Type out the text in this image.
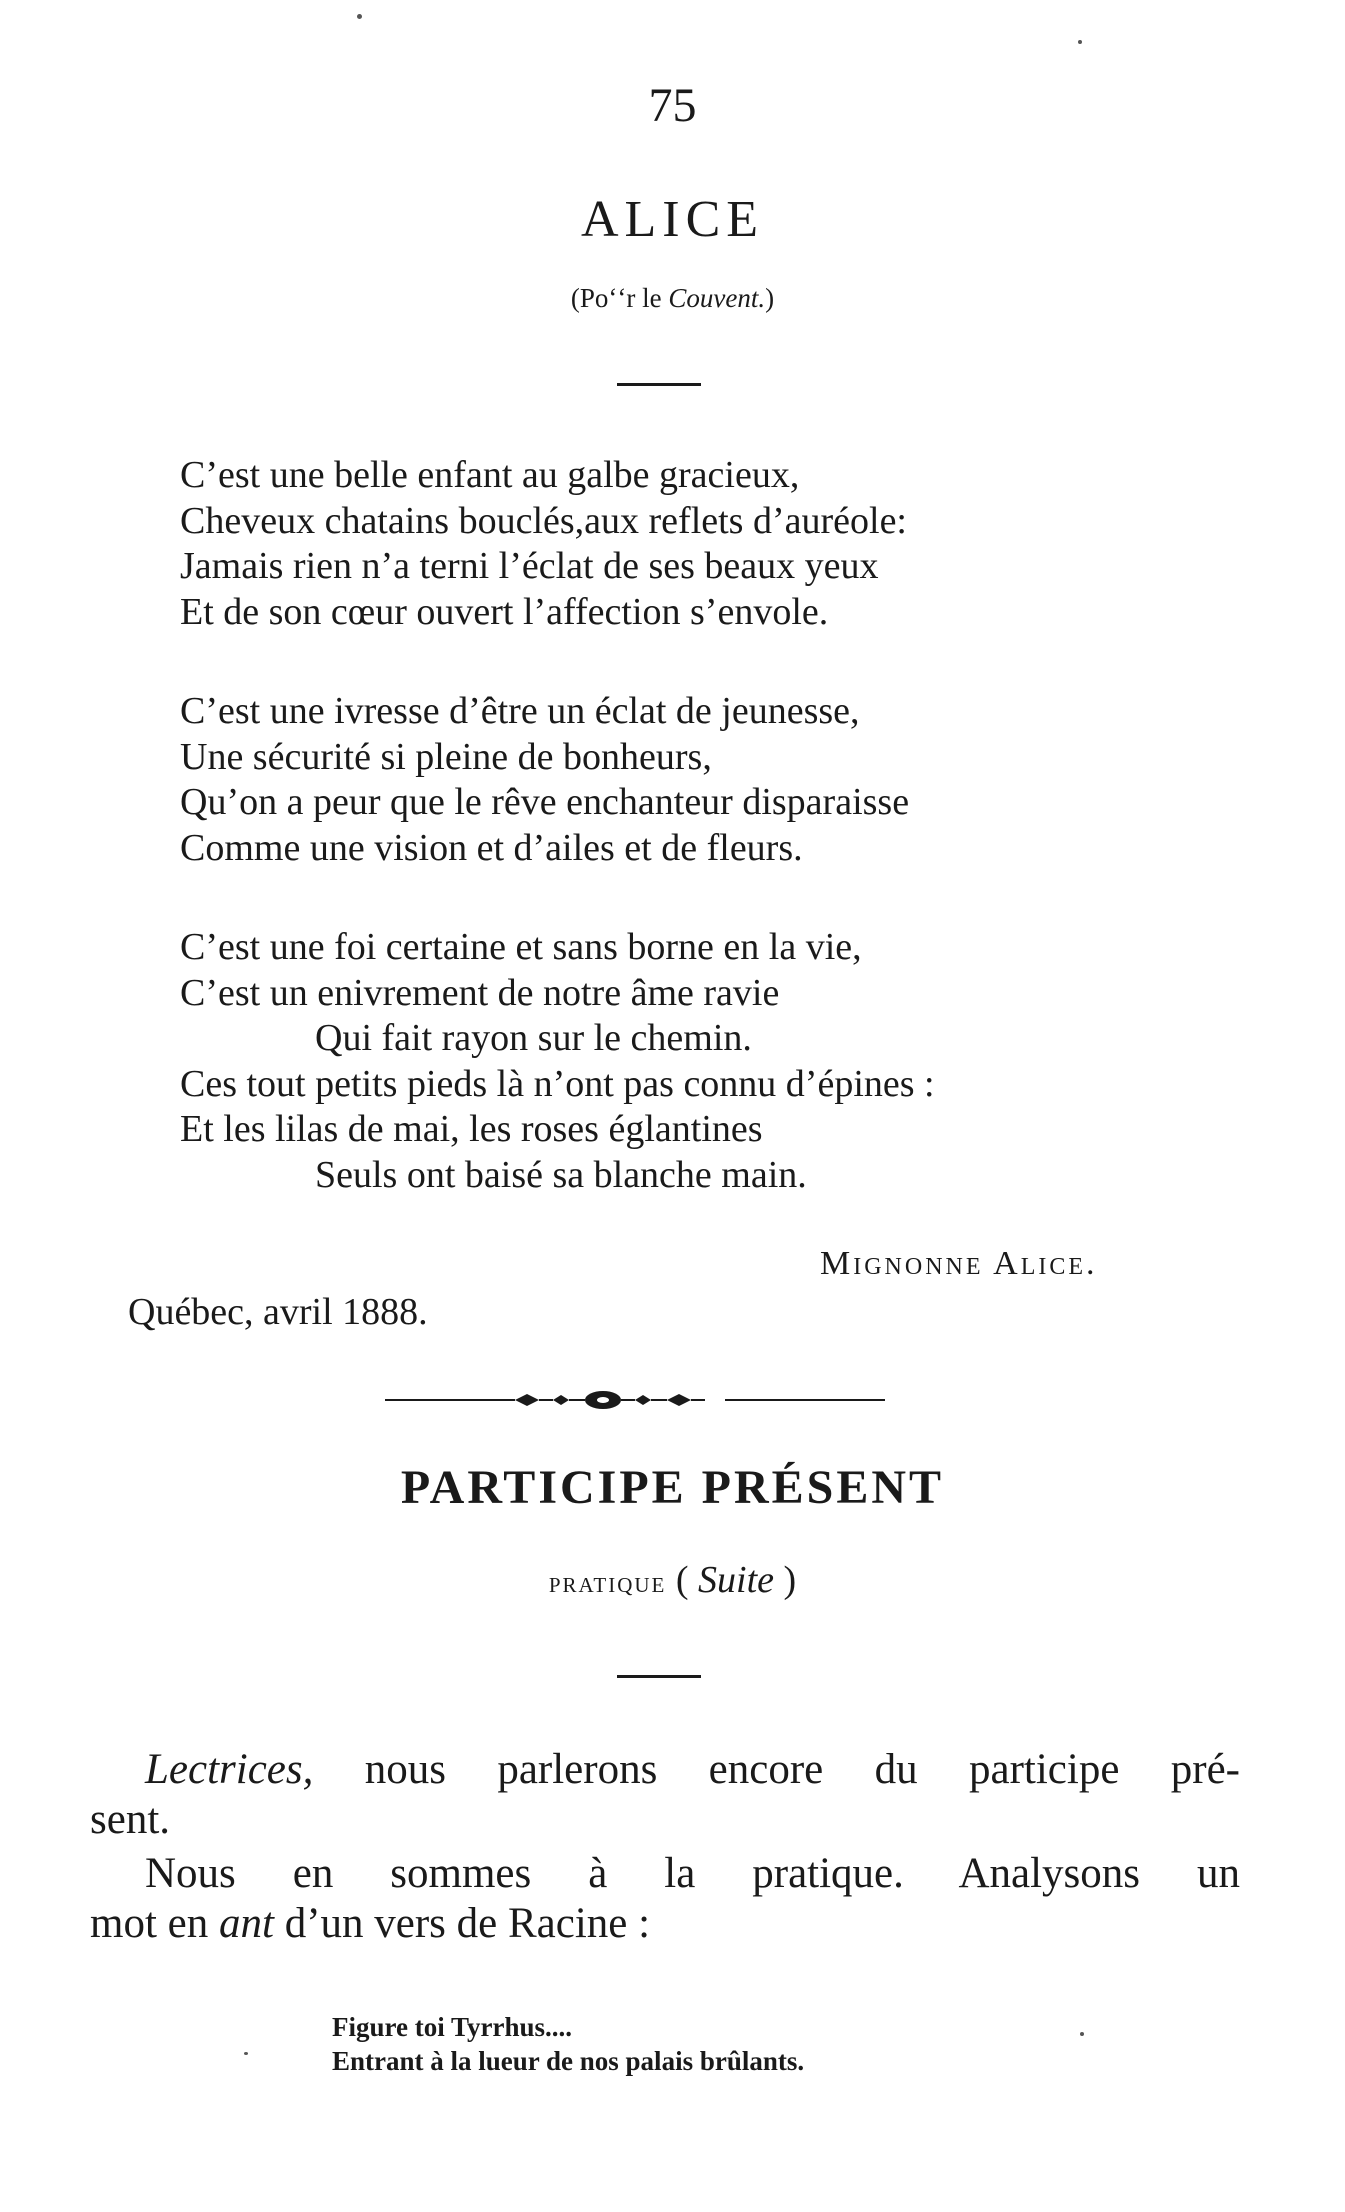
75
ALICE
(Poʻʻr le Couvent.)
C’est une belle enfant au galbe gracieux,
Cheveux chatains bouclés,aux reflets d’auréole:
Jamais rien n’a terni l’éclat de ses beaux yeux
Et de son cœur ouvert l’affection s’envole.
C’est une ivresse d’être un éclat de jeunesse,
Une sécurité si pleine de bonheurs,
Qu’on a peur que le rêve enchanteur disparaisse
Comme une vision et d’ailes et de fleurs.
C’est une foi certaine et sans borne en la vie,
C’est un enivrement de notre âme ravie
Qui fait rayon sur le chemin.
Ces tout petits pieds là n’ont pas connu d’épines :
Et les lilas de mai, les roses églantines
Seuls ont baisé sa blanche main.
Mignonne Alice.
Québec, avril 1888.
PARTICIPE PRÉSENT
pratique ( Suite )
Lectrices, nous parlerons encore du participe pré-
sent.
Nous en sommes à la pratique. Analysons un
mot en ant d’un vers de Racine :
Figure toi Tyrrhus....
Entrant à la lueur de nos palais brûlants.
